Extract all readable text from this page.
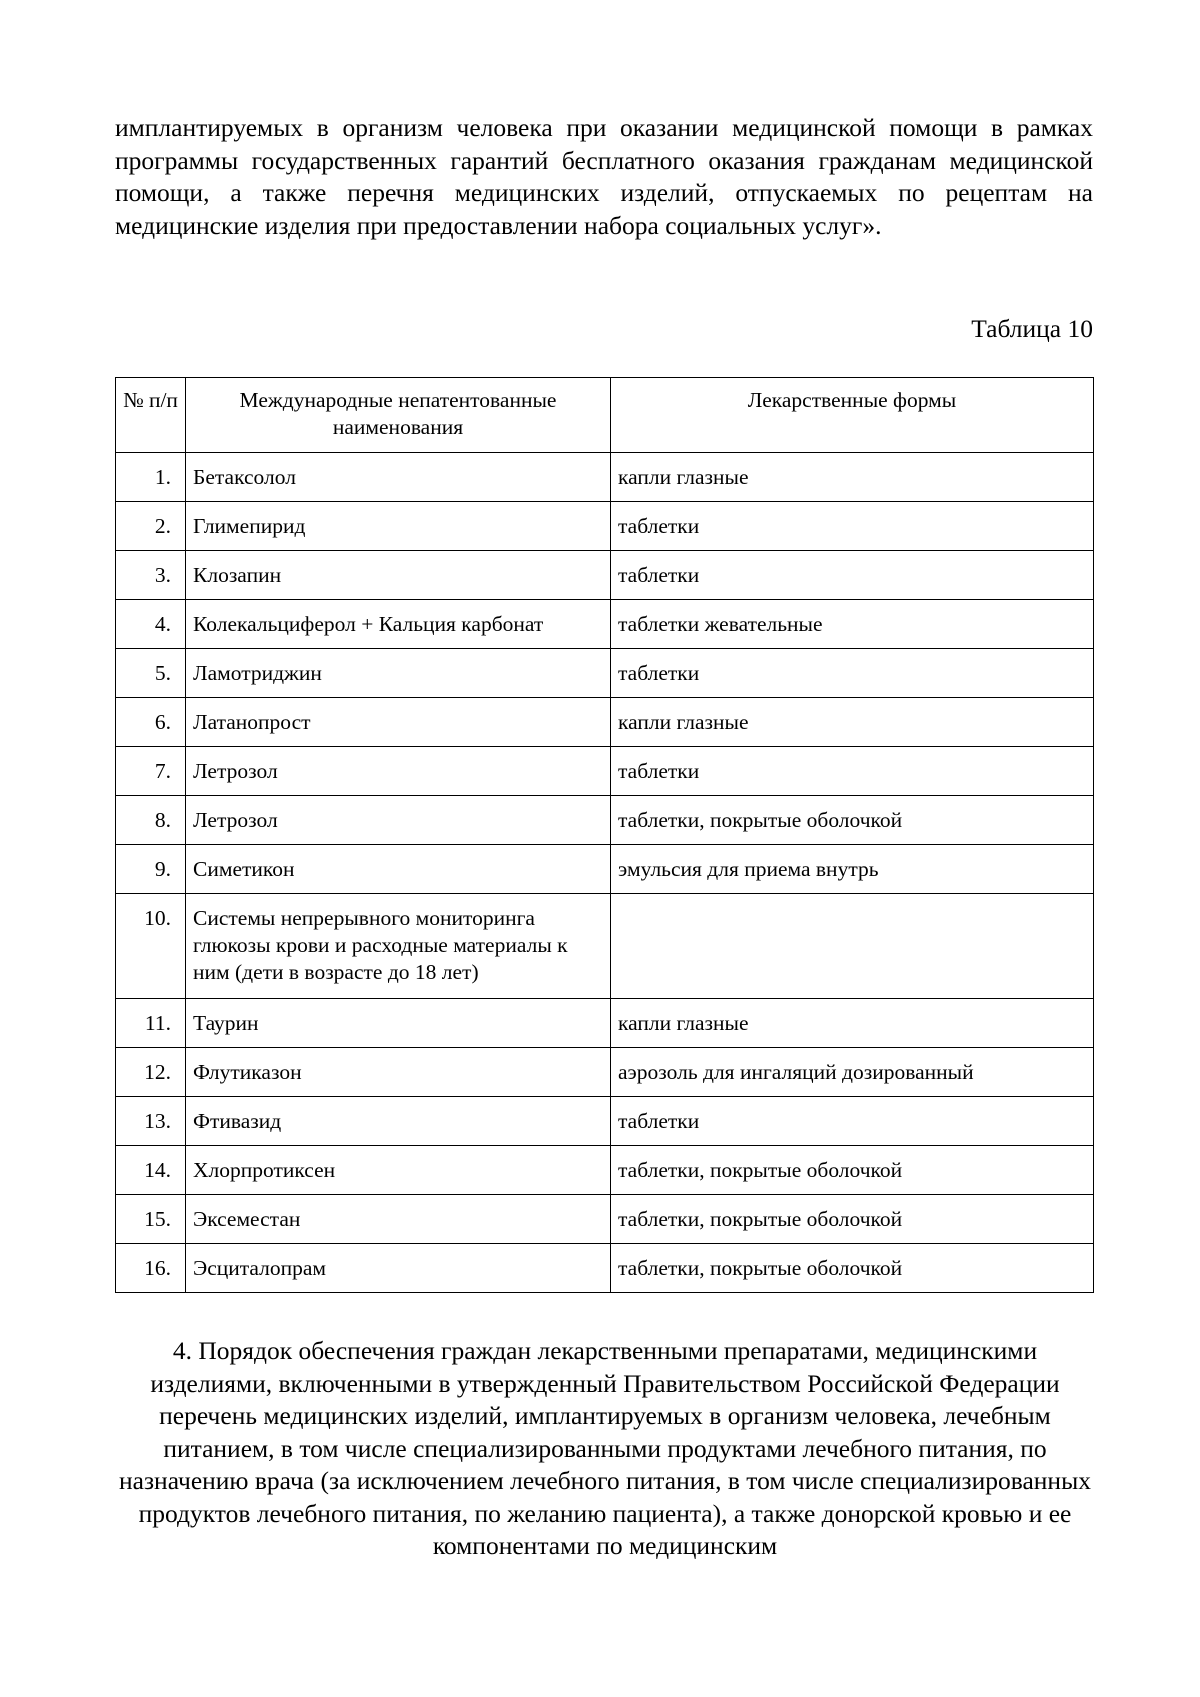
имплантируемых в организм человека при оказании медицинской помощи в рамках программы государственных гарантий бесплатного оказания гражданам медицинской помощи, а также перечня медицинских изделий, отпускаемых по рецептам на медицинские изделия при предоставлении набора социальных услуг».

Таблица 10

№ п/п	Международные непатентованные наименования	Лекарственные формы
1.	Бетаксолол	капли глазные
2.	Глимепирид	таблетки
3.	Клозапин	таблетки
4.	Колекальциферол + Кальция карбонат	таблетки жевательные
5.	Ламотриджин	таблетки
6.	Латанопрост	капли глазные
7.	Летрозол	таблетки
8.	Летрозол	таблетки, покрытые оболочкой
9.	Симетикон	эмульсия для приема внутрь
10.	Системы непрерывного мониторинга глюкозы крови и расходные материалы к ним (дети в возрасте до 18 лет)	
11.	Таурин	капли глазные
12.	Флутиказон	аэрозоль для ингаляций дозированный
13.	Фтивазид	таблетки
14.	Хлорпротиксен	таблетки, покрытые оболочкой
15.	Эксеместан	таблетки, покрытые оболочкой
16.	Эсциталопрам	таблетки, покрытые оболочкой

4. Порядок обеспечения граждан лекарственными препаратами, медицинскими изделиями, включенными в утвержденный Правительством Российской Федерации перечень медицинских изделий, имплантируемых в организм человека, лечебным питанием, в том числе специализированными продуктами лечебного питания, по назначению врача (за исключением лечебного питания, в том числе специализированных продуктов лечебного питания, по желанию пациента), а также донорской кровью и ее компонентами по медицинским
